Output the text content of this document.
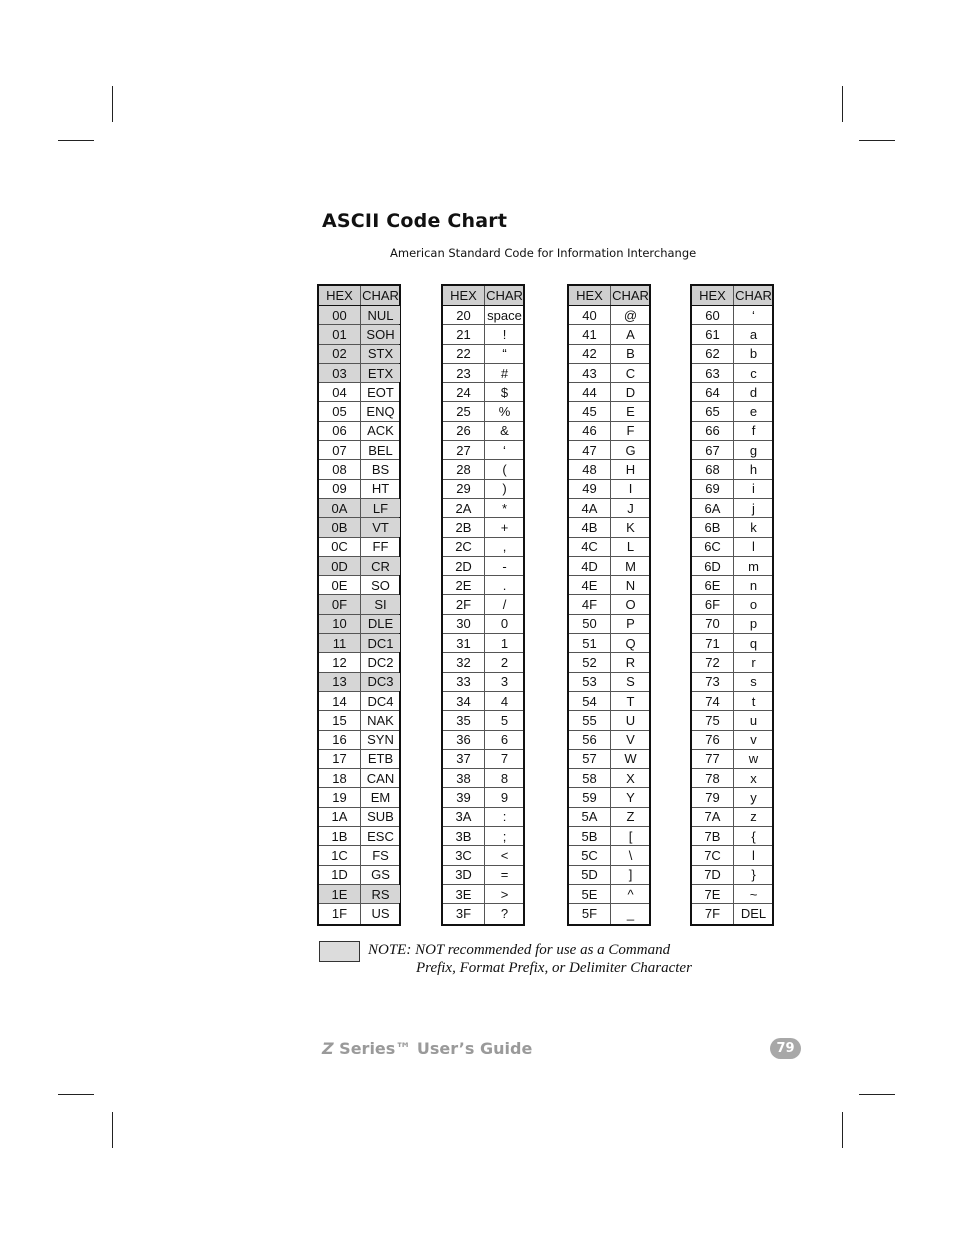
ASCII Code Chart
American Standard Code for Information Interchange
HEX CHAR
00	NUL
01	SOH
02	STX
03	ETX
04	EOT
05	ENQ
06	ACK
07	BEL
08	BS
09	HT
0A	LF
0B	VT
0C	FF
0D	CR
0E	SO
0F	SI
10	DLE
11	DC1
12	DC2
13	DC3
14	DC4
15	NAK
16	SYN
17	ETB
18	CAN
19	EM
1A	SUB
1B	ESC
1C	FS
1D	GS
1E	RS
1F	US
HEX CHAR
20	space
21	!
22	“
23	#
24	$
25	%
26	&
27	‘
28	(
29	)
2A	*
2B	+
2C	,
2D	-
2E	.
2F	/
30	0
31	1
32	2
33	3
34	4
35	5
36	6
37	7
38	8
39	9
3A	:
3B	;
3C	<
3D	=
3E	>
3F	?
HEX CHAR
40	@
41	A
42	B
43	C
44	D
45	E
46	F
47	G
48	H
49	I
4A	J
4B	K
4C	L
4D	M
4E	N
4F	O
50	P
51	Q
52	R
53	S
54	T
55	U
56	V
57	W
58	X
59	Y
5A	Z
5B	[
5C	\
5D	]
5E	^
5F	_
HEX CHAR
60	‘
61	a
62	b
63	c
64	d
65	e
66	f
67	g
68	h
69	i
6A	j
6B	k
6C	l
6D	m
6E	n
6F	o
70	p
71	q
72	r
73	s
74	t
75	u
76	v
77	w
78	x
79	y
7A	z
7B	{
7C	l
7D	}
7E	~
7F	DEL
NOTE: NOT recommended for use as a Command
Prefix, Format Prefix, or Delimiter Character
Z Series™ User’s Guide	79
